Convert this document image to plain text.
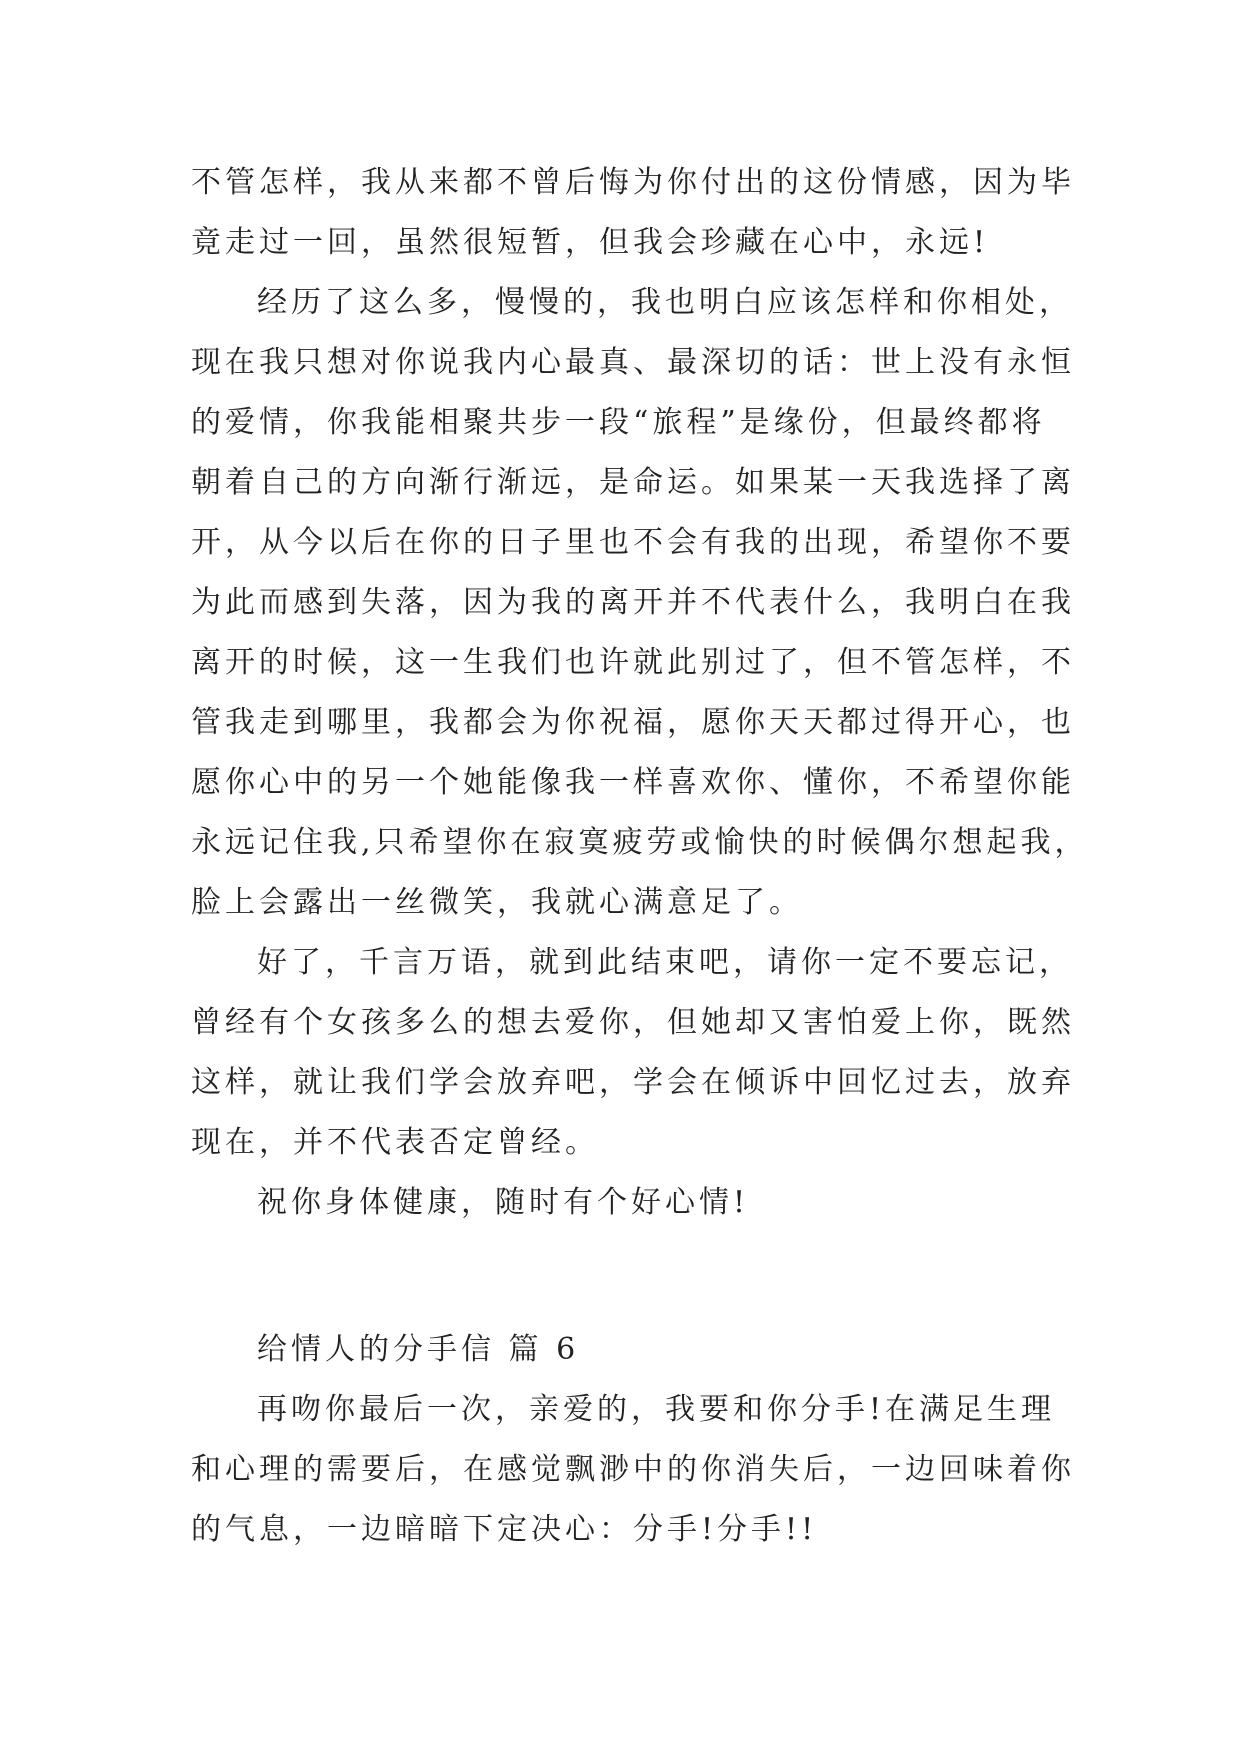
不管怎样，我从来都不曾后悔为你付出的这份情感，因为毕
竟走过一回，虽然很短暂，但我会珍藏在心中，永远!

经历了这么多，慢慢的，我也明白应该怎样和你相处，
现在我只想对你说我内心最真、最深切的话：世上没有永恒
的爱情，你我能相聚共步一段“旅程”是缘份，但最终都将
朝着自己的方向渐行渐远，是命运。如果某一天我选择了离
开，从今以后在你的日子里也不会有我的出现，希望你不要
为此而感到失落，因为我的离开并不代表什么，我明白在我
离开的时候，这一生我们也许就此别过了，但不管怎样，不
管我走到哪里，我都会为你祝福，愿你天天都过得开心，也
愿你心中的另一个她能像我一样喜欢你、懂你，不希望你能
永远记住我,只希望你在寂寞疲劳或愉快的时候偶尔想起我，
脸上会露出一丝微笑，我就心满意足了。

好了，千言万语，就到此结束吧，请你一定不要忘记，
曾经有个女孩多么的想去爱你，但她却又害怕爱上你，既然
这样，就让我们学会放弃吧，学会在倾诉中回忆过去，放弃
现在，并不代表否定曾经。

祝你身体健康，随时有个好心情!

给情人的分手信 篇 6

再吻你最后一次，亲爱的，我要和你分手!在满足生理
和心理的需要后，在感觉飘渺中的你消失后，一边回味着你
的气息，一边暗暗下定决心：分手!分手!!
